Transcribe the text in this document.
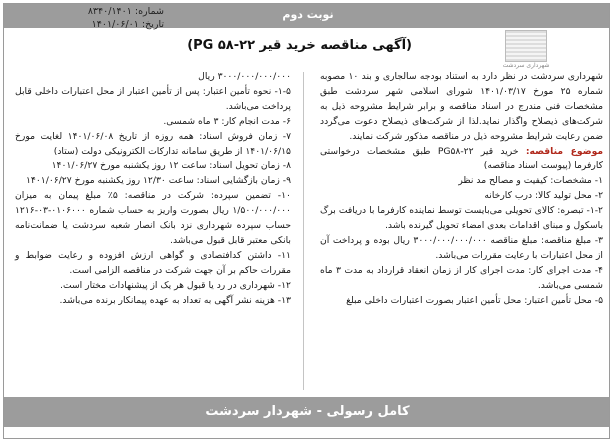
نوبت دوم
شماره: ۸۳۴۰/۱۴۰۱
تاریخ: ۱۴۰۱/۰۶/۰۱
شهرداری سردشت
(آگهی مناقصه خرید قیر PG ۵۸-۲۲)

شهرداری سردشت در نظر دارد به استناد بودجه سالجاری و بند ۱۰ مصوبه شماره ۲۵ مورخ ۱۴۰۱/۰۳/۱۷ شورای اسلامی شهر سردشت طبق مشخصات فنی مندرج در اسناد مناقصه و برابر شرایط مشروحه ذیل به شرکت‌های ذیصلاح واگذار نماید.لذا از شرکت‌های ذیصلاح دعوت می‌گردد ضمن رعایت شرایط مشروحه ذیل در مناقصه مذکور شرکت نمایند.

موضوع مناقصه: خرید قیر PG۵۸-۲۲ طبق مشخصات درخواستی کارفرما (پیوست اسناد مناقصه)

۱- مشخصات: کیفیت و مصالح مد نظر

۲- محل تولید کالا: درب کارخانه

۱-۲- تبصره: کالای تحویلی می‌بایست توسط نماینده کارفرما با دریافت برگ باسکول و مبنای اقدامات بعدی امضاء تحویل گیرنده باشد.

۳- مبلغ مناقصه: مبلغ مناقصه ۳۰۰۰/۰۰۰/۰۰۰/۰۰۰ ریال بوده و پرداخت آن از محل اعتبارات با رعایت مقررات می‌باشد.

۴- مدت اجرای کار: مدت اجرای کار از زمان انعقاد قرارداد به مدت ۳ ماه شمسی می‌باشد.

۵- محل تأمین اعتبار: محل تأمین اعتبار بصورت اعتبارات داخلی مبلغ

۳۰۰۰/۰۰۰/۰۰۰/۰۰۰ ریال

۱-۵- نحوه تأمین اعتبار: پس از تأمین اعتبار از محل اعتبارات داخلی قابل پرداخت می‌باشد.

۶- مدت انجام کار: ۳ ماه شمسی.

۷- زمان فروش اسناد: همه روزه از تاریخ ۱۴۰۱/۰۶/۰۸ لغایت مورخ ۱۴۰۱/۰۶/۱۵ از طریق سامانه تدارکات الکترونیکی دولت (ستاد)

۸- زمان تحویل اسناد: ساعت ۱۲ روز یکشنبه مورخ ۱۴۰۱/۰۶/۲۷

۹- زمان بازگشایی اسناد: ساعت ۱۲/۳۰ روز یکشنبه مورخ ۱۴۰۱/۰۶/۲۷

۱۰- تضمین سپرده: شرکت در مناقصه: ۵٪ مبلغ پیمان به میزان ۱/۵۰۰/۰۰۰/۰۰۰ ریال بصورت واریز به حساب شماره ۰۱۰۶۰۰۰-۰۳-۱۲۱۶ حساب سپرده شهرداری نزد بانک انصار شعبه سردشت یا ضمانت‌نامه بانکی معتبر قابل قبول می‌باشد.

۱۱- داشتن کدافتصادی و گواهی ارزش افزوده و رعایت ضوابط و مقررات حاکم بر آن جهت شرکت در مناقصه الزامی است.

۱۲- شهرداری در رد یا قبول هر یک از پیشنهادات مختار است.

۱۳- هزینه نشر آگهی به تعداد به عهده پیمانکار برنده می‌باشد.

کامل رسولی - شهردار سردشت
